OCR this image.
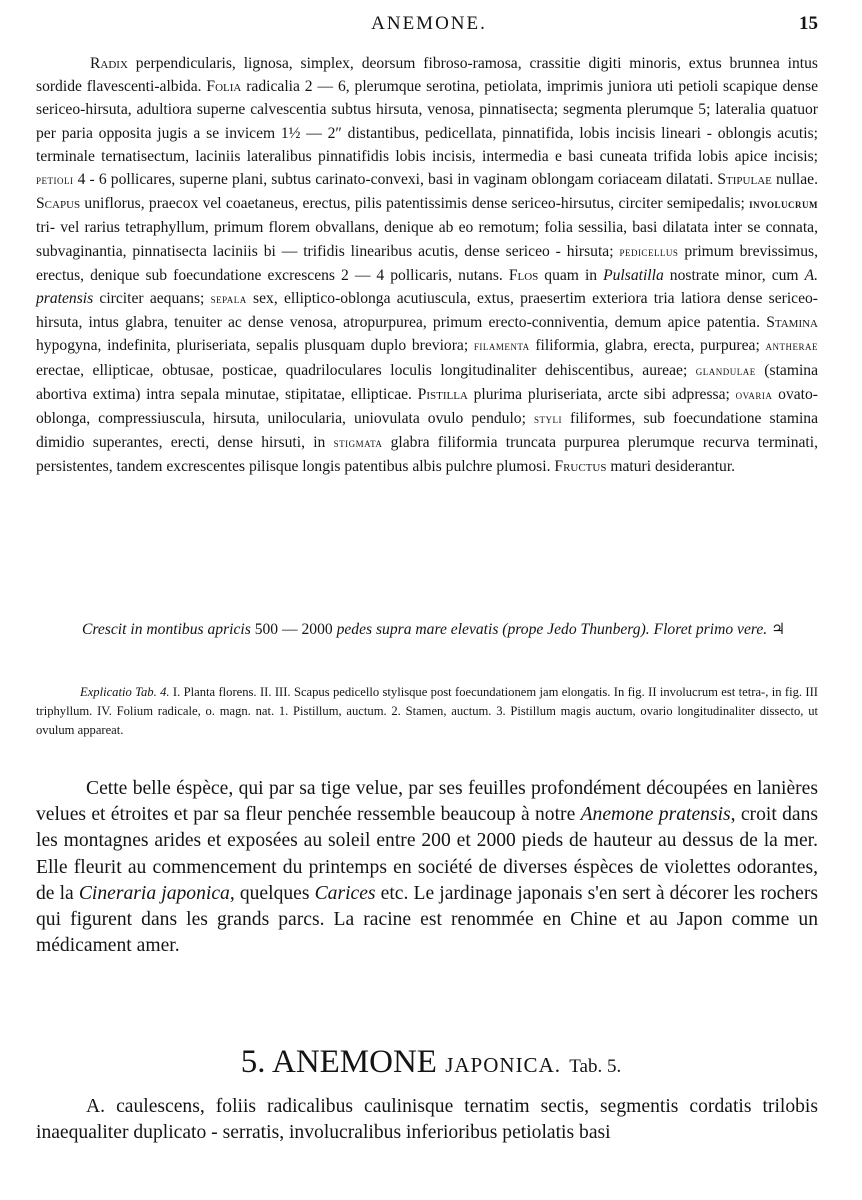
ANEMONE.	15

Radix perpendicularis, lignosa, simplex, deorsum fibroso-ramosa, crassitie digiti minoris, extus brunnea intus sordide flavescenti-albida. Folia radicalia 2 — 6, plerumque serotina, petiolata, imprimis juniora uti petioli scapique dense sericeo-hirsuta, adultiora superne calvescentia subtus hirsuta, venosa, pinnatisecta; segmenta plerumque 5; lateralia quatuor per paria opposita jugis a se invicem 1½ — 2″ distantibus, pedicellata, pinnatifida, lobis incisis lineari - oblongis acutis; terminale ternatisectum, laciniis lateralibus pinnatifidis lobis incisis, intermedia e basi cuneata trifida lobis apice incisis; petioli 4 - 6 pollicares, superne plani, subtus carinato-convexi, basi in vaginam oblongam coriaceam dilatati. Stipulae nullae. Scapus uniflorus, praecox vel coaetaneus, erectus, pilis patentissimis dense sericeo-hirsutus, circiter semipedalis; involucrum tri- vel rarius tetraphyllum, primum florem obvallans, denique ab eo remotum; folia sessilia, basi dilatata inter se connata, subvaginantia, pinnatisecta laciniis bi — trifidis linearibus acutis, dense sericeo - hirsuta; pedicellus primum brevissimus, erectus, denique sub foecundatione excrescens 2 — 4 pollicaris, nutans. Flos quam in Pulsatilla nostrate minor, cum A. pratensis circiter aequans; sepala sex, elliptico-oblonga acutiuscula, extus, praesertim exteriora tria latiora dense sericeo-hirsuta, intus glabra, tenuiter ac dense venosa, atropurpurea, primum erecto-conniventia, demum apice patentia. Stamina hypogyna, indefinita, pluriseriata, sepalis plusquam duplo breviora; filamenta filiformia, glabra, erecta, purpurea; antherae erectae, ellipticae, obtusae, posticae, quadriloculares loculis longitudinaliter dehiscentibus, aureae; glandulae (stamina abortiva extima) intra sepala minutae, stipitatae, ellipticae. Pistilla plurima pluriseriata, arcte sibi adpressa; ovaria ovato-oblonga, compressiuscula, hirsuta, unilocularia, uniovulata ovulo pendulo; styli filiformes, sub foecundatione stamina dimidio superantes, erecti, dense hirsuti, in stigmata glabra filiformia truncata purpurea plerumque recurva terminati, persistentes, tandem excrescentes pilisque longis patentibus albis pulchre plumosi. Fructus maturi desiderantur.

Crescit in montibus apricis 500 — 2000 pedes supra mare elevatis (prope Jedo Thunberg). Floret primo vere. ♃

Explicatio Tab. 4. I. Planta florens. II. III. Scapus pedicello stylisque post foecundationem jam elongatis. In fig. II involucrum est tetra-, in fig. III triphyllum. IV. Folium radicale, o. magn. nat. 1. Pistillum, auctum. 2. Stamen, auctum. 3. Pistillum magis auctum, ovario longitudinaliter dissecto, ut ovulum appareat.

Cette belle éspèce, qui par sa tige velue, par ses feuilles profondément découpées en lanières velues et étroites et par sa fleur penchée ressemble beaucoup à notre Anemone pratensis, croit dans les montagnes arides et exposées au soleil entre 200 et 2000 pieds de hauteur au dessus de la mer. Elle fleurit au commencement du printemps en société de diverses éspèces de violettes odorantes, de la Cineraria japonica, quelques Carices etc. Le jardinage japonais s'en sert à décorer les rochers qui figurent dans les grands parcs. La racine est renommée en Chine et au Japon comme un médicament amer.

5. ANEMONE JAPONICA. Tab. 5.

A. caulescens, foliis radicalibus caulinisque ternatim sectis, segmentis cordatis trilobis inaequaliter duplicato - serratis, involucralibus inferioribus petiolatis basi
